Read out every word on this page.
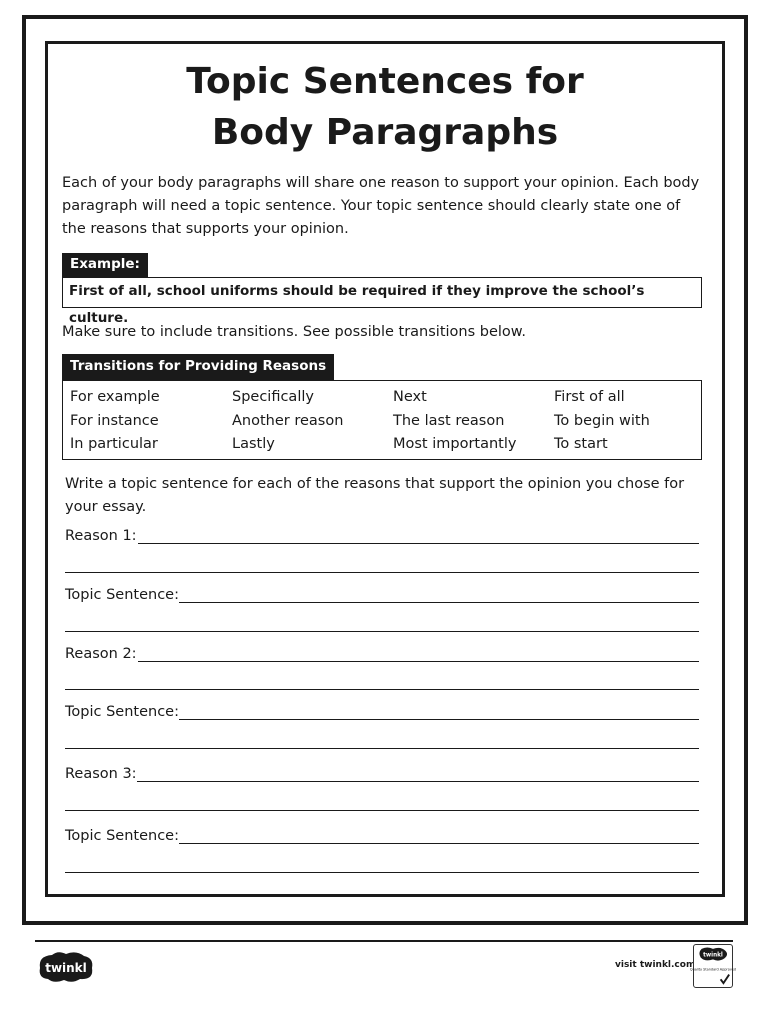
Topic Sentences for
Body Paragraphs

Each of your body paragraphs will share one reason to support your opinion. Each body paragraph will need a topic sentence. Your topic sentence should clearly state one of the reasons that supports your opinion.

Example:
First of all, school uniforms should be required if they improve the school’s culture.

Make sure to include transitions. See possible transitions below.

Transitions for Providing Reasons
For example
For instance
In particular
Specifically
Another reason
Lastly
Next
The last reason
Most importantly
First of all
To begin with
To start

Write a topic sentence for each of the reasons that support the opinion you chose for your essay.

Reason 1:
Topic Sentence:
Reason 2:
Topic Sentence:
Reason 3:
Topic Sentence:
twinkl	visit twinkl.com
twinkl
Quality Standard Approved
